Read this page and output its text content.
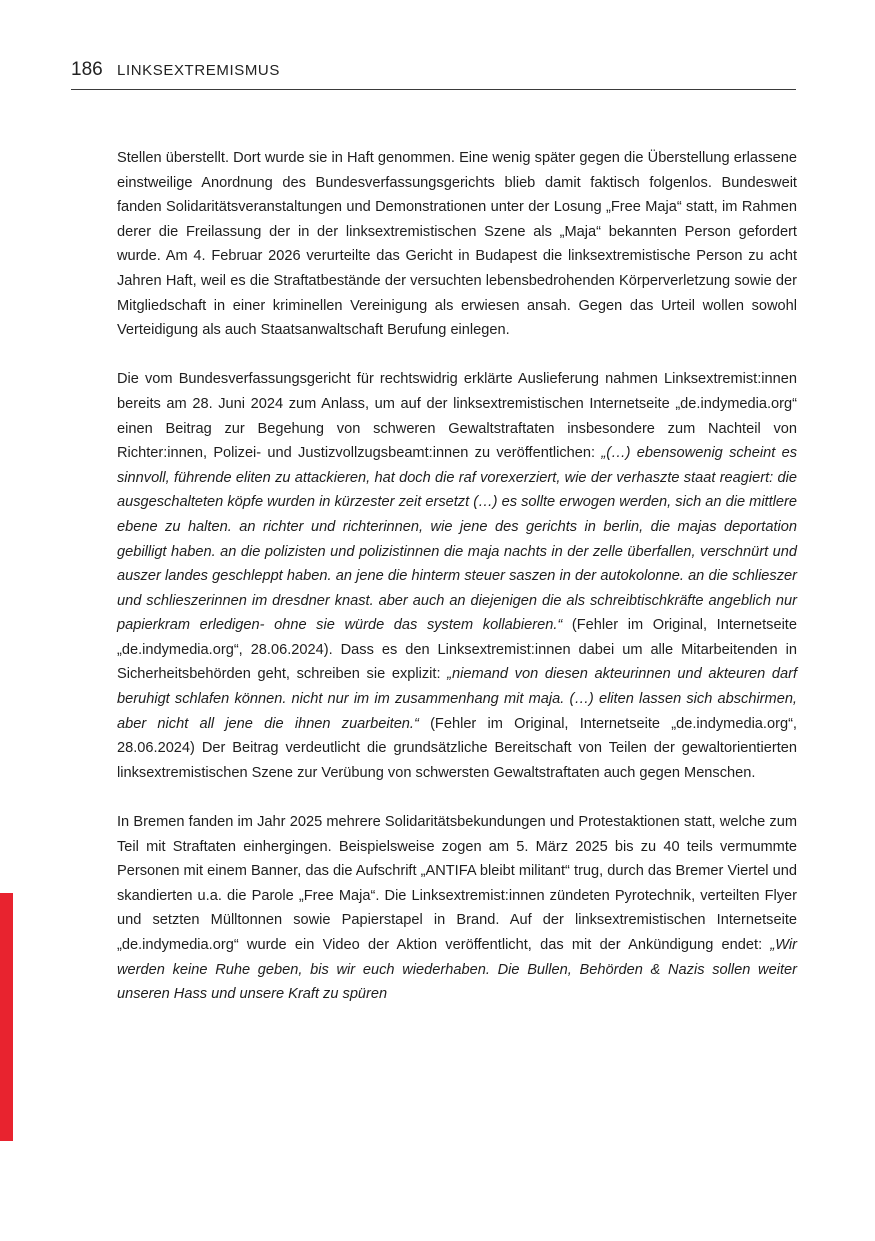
186 LINKSEXTREMISMUS

Stellen überstellt. Dort wurde sie in Haft genommen. Eine wenig später gegen die Überstellung erlassene einstweilige Anordnung des Bundesverfassungsgerichts blieb damit faktisch folgenlos. Bundesweit fanden Solidaritätsveranstaltungen und Demonstrationen unter der Losung „Free Maja“ statt, im Rahmen derer die Freilassung der in der linksextremistischen Szene als „Maja“ bekannten Person gefordert wurde. Am 4. Februar 2026 verurteilte das Gericht in Budapest die linksextremistische Person zu acht Jahren Haft, weil es die Straftatbestände der versuchten lebensbedrohenden Körperverletzung sowie der Mitgliedschaft in einer kriminellen Vereinigung als erwiesen ansah. Gegen das Urteil wollen sowohl Verteidigung als auch Staatsanwaltschaft Berufung einlegen.

Die vom Bundesverfassungsgericht für rechtswidrig erklärte Auslieferung nahmen Linksextremist:innen bereits am 28. Juni 2024 zum Anlass, um auf der linksextremistischen Internetseite „de.indymedia.org“ einen Beitrag zur Begehung von schweren Gewaltstraftaten insbesondere zum Nachteil von Richter:innen, Polizei- und Justizvollzugsbeamt:innen zu veröffentlichen: „(…) ebensowenig scheint es sinnvoll, führende eliten zu attackieren, hat doch die raf vorexerziert, wie der verhaszte staat reagiert: die ausgeschalteten köpfe wurden in kürzester zeit ersetzt (…) es sollte erwogen werden, sich an die mittlere ebene zu halten. an richter und richterinnen, wie jene des gerichts in berlin, die majas deportation gebilligt haben. an die polizisten und polizistinnen die maja nachts in der zelle überfallen, verschnürt und auszer landes geschleppt haben. an jene die hinterm steuer saszen in der autokolonne. an die schlieszer und schlieszerinnen im dresdner knast. aber auch an diejenigen die als schreibtischkräfte angeblich nur papierkram erledigen- ohne sie würde das system kollabieren.“ (Fehler im Original, Internetseite „de.indymedia.org“, 28.06.2024). Dass es den Linksextremist:innen dabei um alle Mitarbeitenden in Sicherheitsbehörden geht, schreiben sie explizit: „niemand von diesen akteurinnen und akteuren darf beruhigt schlafen können. nicht nur im im zusammenhang mit maja. (…) eliten lassen sich abschirmen, aber nicht all jene die ihnen zuarbeiten.“ (Fehler im Original, Internetseite „de.indymedia.org“, 28.06.2024) Der Beitrag verdeutlicht die grundsätzliche Bereitschaft von Teilen der gewaltorientierten linksextremistischen Szene zur Verübung von schwersten Gewaltstraftaten auch gegen Menschen.

In Bremen fanden im Jahr 2025 mehrere Solidaritätsbekundungen und Protestaktionen statt, welche zum Teil mit Straftaten einhergingen. Beispielsweise zogen am 5. März 2025 bis zu 40 teils vermummte Personen mit einem Banner, das die Aufschrift „ANTIFA bleibt militant“ trug, durch das Bremer Viertel und skandierten u.a. die Parole „Free Maja“. Die Linksextremist:innen zündeten Pyrotechnik, verteilten Flyer und setzten Mülltonnen sowie Papierstapel in Brand. Auf der linksextremistischen Internetseite „de.indymedia.org“ wurde ein Video der Aktion veröffentlicht, das mit der Ankündigung endet: „Wir werden keine Ruhe geben, bis wir euch wiederhaben. Die Bullen, Behörden & Nazis sollen weiter unseren Hass und unsere Kraft zu spüren
